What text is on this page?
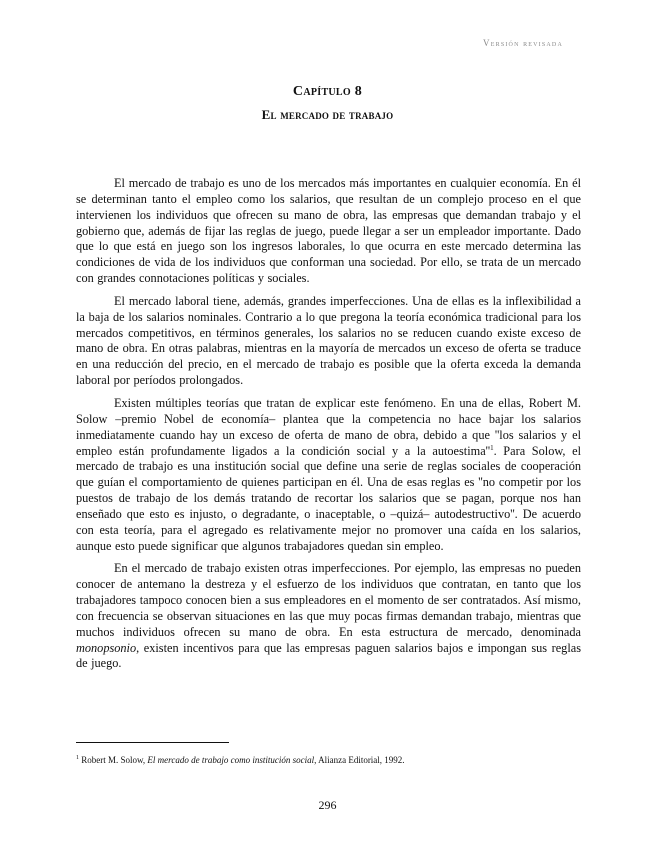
Versión revisada
Capítulo 8
El mercado de trabajo

El mercado de trabajo es uno de los mercados más importantes en cualquier economía. En él se determinan tanto el empleo como los salarios, que resultan de un complejo proceso en el que intervienen los individuos que ofrecen su mano de obra, las empresas que demandan trabajo y el gobierno que, además de fijar las reglas de juego, puede llegar a ser un empleador importante. Dado que lo que está en juego son los ingresos laborales, lo que ocurra en este mercado determina las condiciones de vida de los individuos que conforman una sociedad. Por ello, se trata de un mercado con grandes connotaciones políticas y sociales.

El mercado laboral tiene, además, grandes imperfecciones. Una de ellas es la inflexibilidad a la baja de los salarios nominales. Contrario a lo que pregona la teoría económica tradicional para los mercados competitivos, en términos generales, los salarios no se reducen cuando existe exceso de mano de obra. En otras palabras, mientras en la mayoría de mercados un exceso de oferta se traduce en una reducción del precio, en el mercado de trabajo es posible que la oferta exceda la demanda laboral por períodos prolongados.

Existen múltiples teorías que tratan de explicar este fenómeno. En una de ellas, Robert M. Solow –premio Nobel de economía– plantea que la competencia no hace bajar los salarios inmediatamente cuando hay un exceso de oferta de mano de obra, debido a que ''los salarios y el empleo están profundamente ligados a la condición social y a la autoestima''$^1$. Para Solow, el mercado de trabajo es una institución social que define una serie de reglas sociales de cooperación que guían el comportamiento de quienes participan en él. Una de esas reglas es ''no competir por los puestos de trabajo de los demás tratando de recortar los salarios que se pagan, porque nos han enseñado que esto es injusto, o degradante, o inaceptable, o –quizá– autodestructivo''. De acuerdo con esta teoría, para el agregado es relativamente mejor no promover una caída en los salarios, aunque esto puede significar que algunos trabajadores quedan sin empleo.

En el mercado de trabajo existen otras imperfecciones. Por ejemplo, las empresas no pueden conocer de antemano la destreza y el esfuerzo de los individuos que contratan, en tanto que los trabajadores tampoco conocen bien a sus empleadores en el momento de ser contratados. Así mismo, con frecuencia se observan situaciones en las que muy pocas firmas demandan trabajo, mientras que muchos individuos ofrecen su mano de obra. En esta estructura de mercado, denominada monopsonio, existen incentivos para que las empresas paguen salarios bajos e impongan sus reglas de juego.

$^1$ Robert M. Solow, El mercado de trabajo como institución social, Alianza Editorial, 1992.
296
